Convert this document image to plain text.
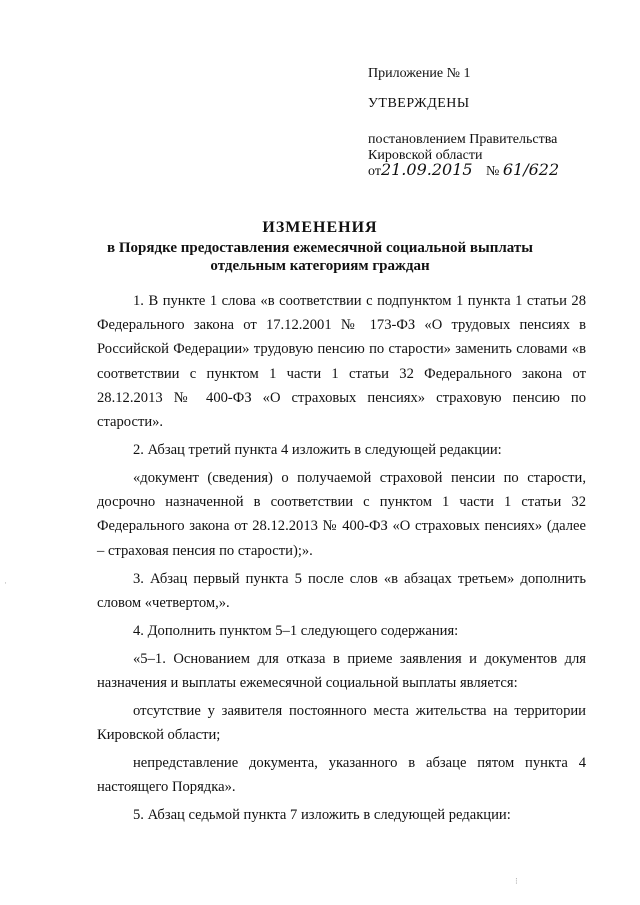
Приложение № 1
УТВЕРЖДЕНЫ
постановлением Правительства
Кировской области
от21.09.2015 № 61/622
ИЗМЕНЕНИЯ
в Порядке предоставления ежемесячной социальной выплаты
отдельным категориям граждан

1. В пункте 1 слова «в соответствии с подпунктом 1 пункта 1 статьи 28 Федерального закона от 17.12.2001 № 173-ФЗ «О трудовых пенсиях в Российской Федерации» трудовую пенсию по старости» заменить словами «в соответствии с пунктом 1 части 1 статьи 32 Федерального закона от 28.12.2013 № 400-ФЗ «О страховых пенсиях» страховую пенсию по старости».

2. Абзац третий пункта 4 изложить в следующей редакции:

«документ (сведения) о получаемой страховой пенсии по старости, досрочно назначенной в соответствии с пунктом 1 части 1 статьи 32 Федерального закона от 28.12.2013 № 400-ФЗ «О страховых пенсиях» (далее – страховая пенсия по старости);».

3. Абзац первый пункта 5 после слов «в абзацах третьем» дополнить словом «четвертом,».

4. Дополнить пунктом 5–1 следующего содержания:

«5–1. Основанием для отказа в приеме заявления и документов для назначения и выплаты ежемесячной социальной выплаты является:

отсутствие у заявителя постоянного места жительства на территории Кировской области;

непредставление документа, указанного в абзаце пятом пункта 4 настоящего Порядка».

5. Абзац седьмой пункта 7 изложить в следующей редакции:

·
⁝
